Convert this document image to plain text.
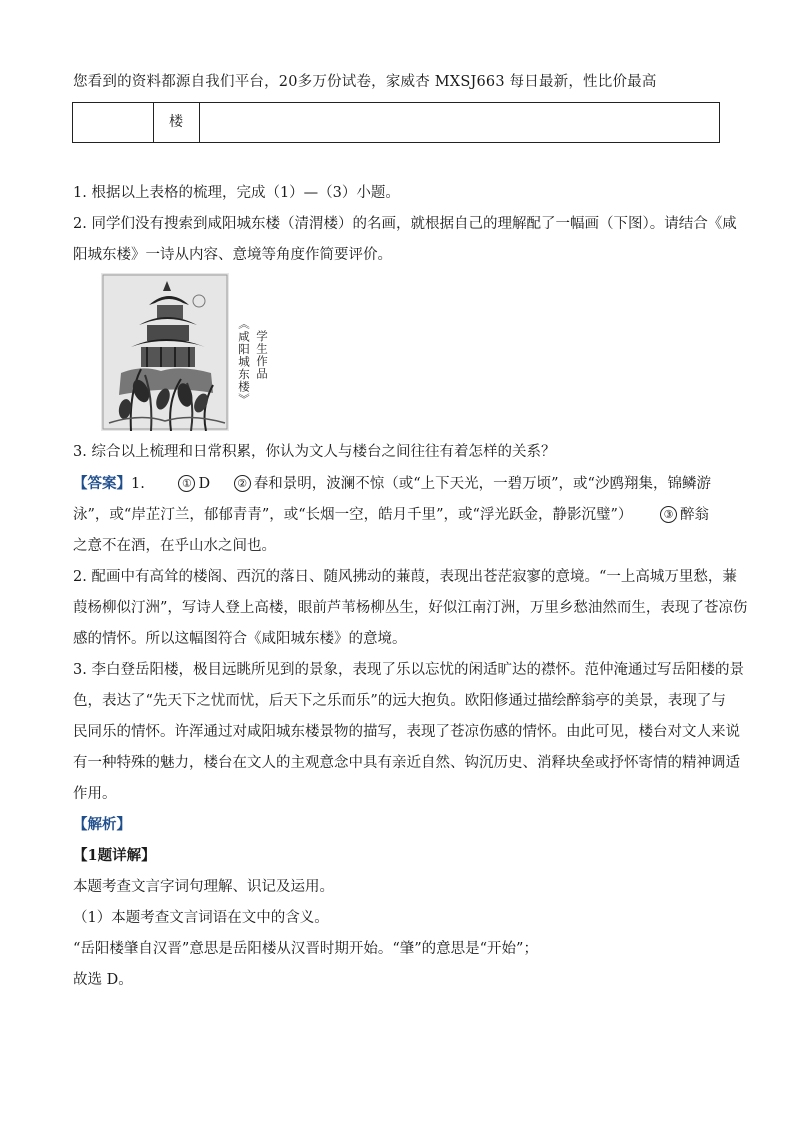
您看到的资料都源自我们平台，20多万份试卷，家威杏 MXSJ663 每日最新，性比价最高
楼
1. 根据以上表格的梳理，完成（1）—（3）小题。
2. 同学们没有搜索到咸阳城东楼（清渭楼）的名画，就根据自己的理解配了一幅画（下图）。请结合《咸
阳城东楼》一诗从内容、意境等角度作简要评价。
《咸阳城东楼》 学生作品
3. 综合以上梳理和日常积累，你认为文人与楼台之间往往有着怎样的关系？
【答案】1.	① D ② 春和景明，波澜不惊（或“上下天光，一碧万顷”，或“沙鸥翔集，锦鳞游
泳”，或“岸芷汀兰，郁郁青青”，或“长烟一空，皓月千里”，或“浮光跃金，静影沉璧”）	③ 醉翁
之意不在酒，在乎山水之间也。
2. 配画中有高耸的楼阁、西沉的落日、随风拂动的蒹葭，表现出苍茫寂寥的意境。“一上高城万里愁，蒹
葭杨柳似汀洲”，写诗人登上高楼，眼前芦苇杨柳丛生，好似江南汀洲，万里乡愁油然而生，表现了苍凉伤
感的情怀。所以这幅图符合《咸阳城东楼》的意境。
3. 李白登岳阳楼，极目远眺所见到的景象，表现了乐以忘忧的闲适旷达的襟怀。范仲淹通过写岳阳楼的景
色，表达了“先天下之忧而忧，后天下之乐而乐”的远大抱负。欧阳修通过描绘醉翁亭的美景，表现了与
民同乐的情怀。许浑通过对咸阳城东楼景物的描写，表现了苍凉伤感的情怀。由此可见，楼台对文人来说
有一种特殊的魅力，楼台在文人的主观意念中具有亲近自然、钩沉历史、消释块垒或抒怀寄情的精神调适
作用。
【解析】
【1题详解】
本题考查文言字词句理解、识记及运用。
（1）本题考查文言词语在文中的含义。
“岳阳楼肇自汉晋”意思是岳阳楼从汉晋时期开始。“肇”的意思是“开始”；
故选 D。
